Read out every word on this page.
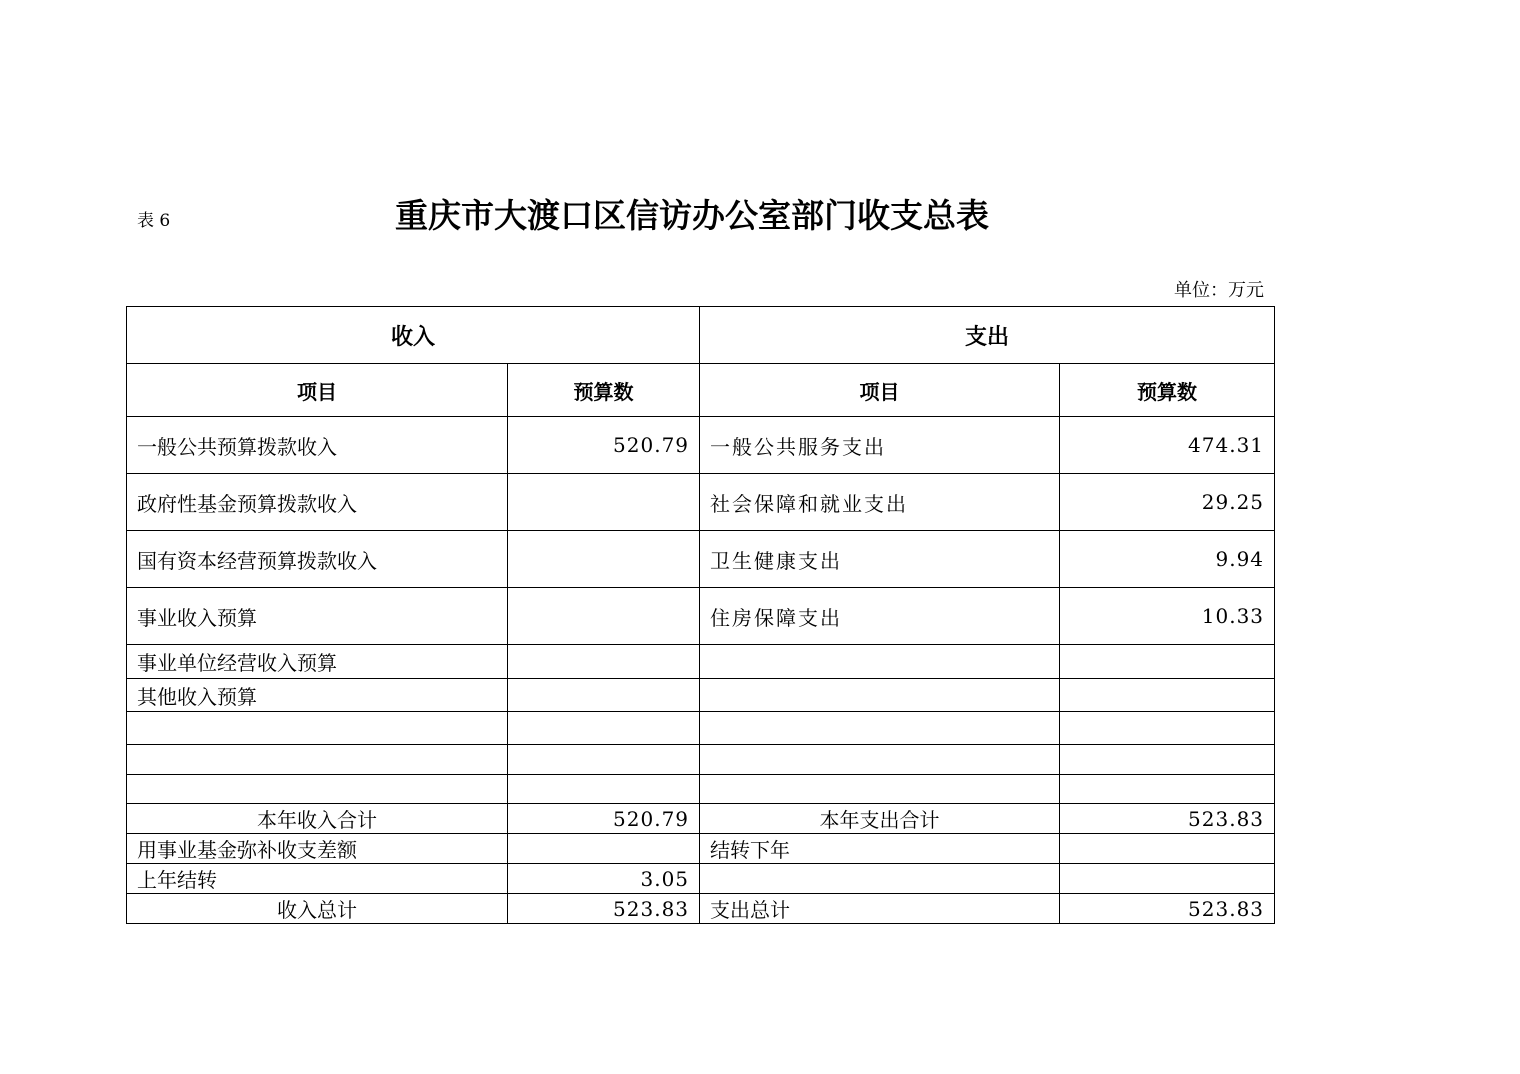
表 6	重庆市大渡口区信访办公室部门收支总表
单位：万元
收入		支出	
项目	预算数	项目	预算数
一般公共预算拨款收入	520.79	一般公共服务支出	474.31
政府性基金预算拨款收入		社会保障和就业支出	29.25
国有资本经营预算拨款收入		卫生健康支出	9.94
事业收入预算		住房保障支出	10.33
事业单位经营收入预算			
其他收入预算			

本年收入合计	520.79	本年支出合计	523.83
用事业基金弥补收支差额		结转下年	
上年结转	3.05		
收入总计	523.83	支出总计	523.83
